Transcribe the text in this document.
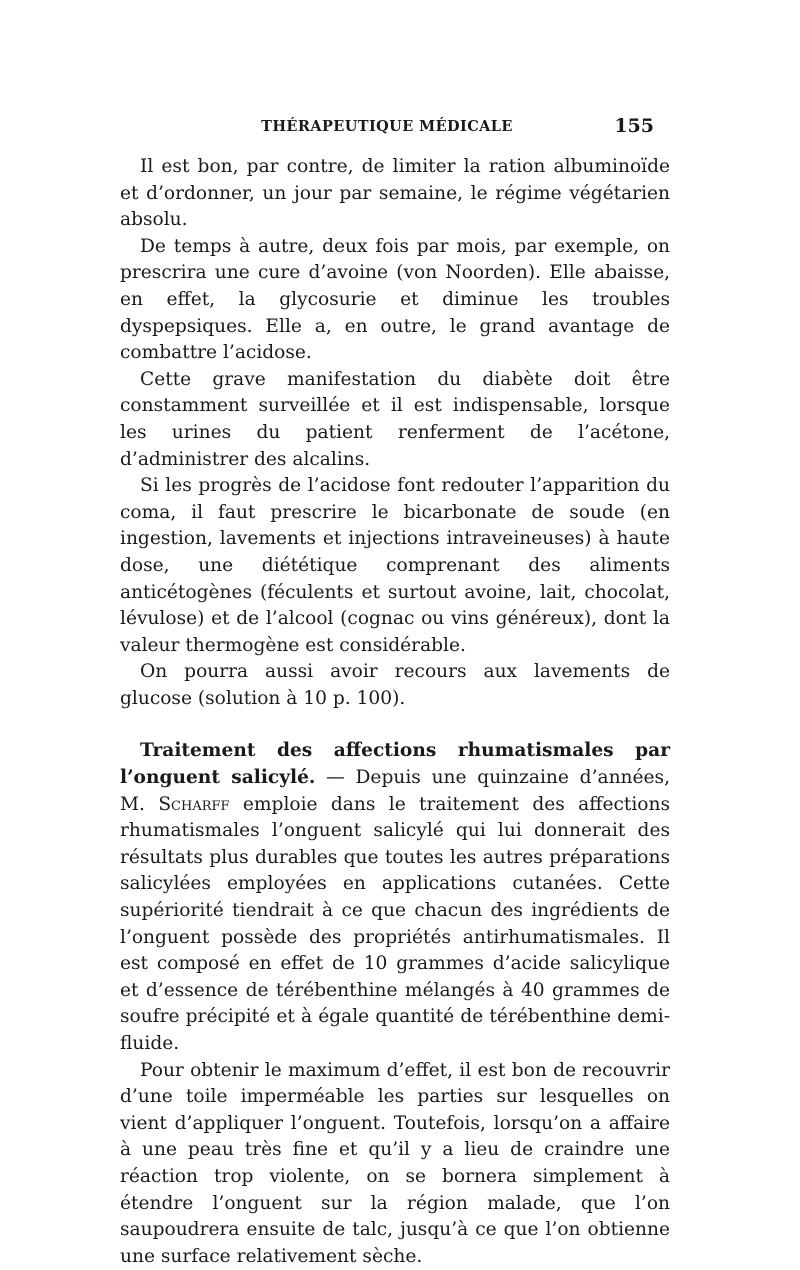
THÉRAPEUTIQUE MÉDICALE	155

Il est bon, par contre, de limiter la ration albuminoïde et d’ordonner, un jour par semaine, le régime végétarien absolu.

De temps à autre, deux fois par mois, par exemple, on prescrira une cure d’avoine (von Noorden). Elle abaisse, en effet, la glycosurie et diminue les troubles dyspepsiques. Elle a, en outre, le grand avantage de combattre l’acidose.

Cette grave manifestation du diabète doit être constamment surveillée et il est indispensable, lorsque les urines du patient renferment de l’acétone, d’administrer des alcalins.

Si les progrès de l’acidose font redouter l’apparition du coma, il faut prescrire le bicarbonate de soude (en ingestion, lavements et injections intraveineuses) à haute dose, une diététique comprenant des aliments anticétogènes (féculents et surtout avoine, lait, chocolat, lévulose) et de l’alcool (cognac ou vins généreux), dont la valeur thermogène est considérable.

On pourra aussi avoir recours aux lavements de glucose (solution à 10 p. 100).

Traitement des affections rhumatismales par l’onguent salicylé. — Depuis une quinzaine d’années, M. Scharff emploie dans le traitement des affections rhumatismales l’onguent salicylé qui lui donnerait des résultats plus durables que toutes les autres préparations salicylées employées en applications cutanées. Cette supériorité tiendrait à ce que chacun des ingrédients de l’onguent possède des propriétés antirhumatismales. Il est composé en effet de 10 grammes d’acide salicylique et d’essence de térébenthine mélangés à 40 grammes de soufre précipité et à égale quantité de térébenthine demi-fluide.

Pour obtenir le maximum d’effet, il est bon de recouvrir d’une toile imperméable les parties sur lesquelles on vient d’appliquer l’onguent. Toutefois, lorsqu’on a affaire à une peau très fine et qu’il y a lieu de craindre une réaction trop violente, on se bornera simplement à étendre l’onguent sur la région malade, que l’on saupoudrera ensuite de talc, jusqu’à ce que l’on obtienne une surface relativement sèche.
